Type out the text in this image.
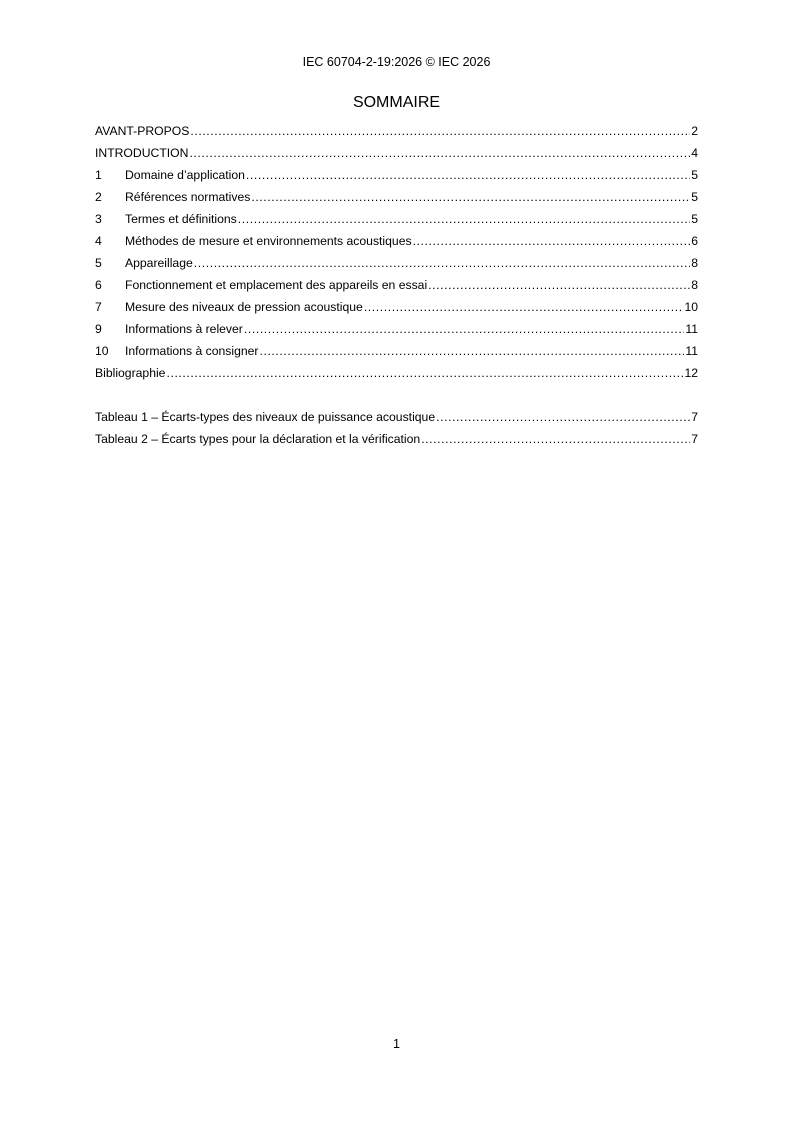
IEC 60704-2-19:2026 © IEC 2026
SOMMAIRE
AVANT-PROPOS .....	2
INTRODUCTION .....	4
1	Domaine d’application .....	5
2	Références normatives .....	5
3	Termes et définitions .....	5
4	Méthodes de mesure et environnements acoustiques .....	6
5	Appareillage .....	8
6	Fonctionnement et emplacement des appareils en essai .....	8
7	Mesure des niveaux de pression acoustique .....	10
9	Informations à relever .....	11
10	Informations à consigner .....	11
Bibliographie .....	12
Tableau 1 – Écarts-types des niveaux de puissance acoustique .....	7
Tableau 2 – Écarts types pour la déclaration et la vérification .....	7
1
